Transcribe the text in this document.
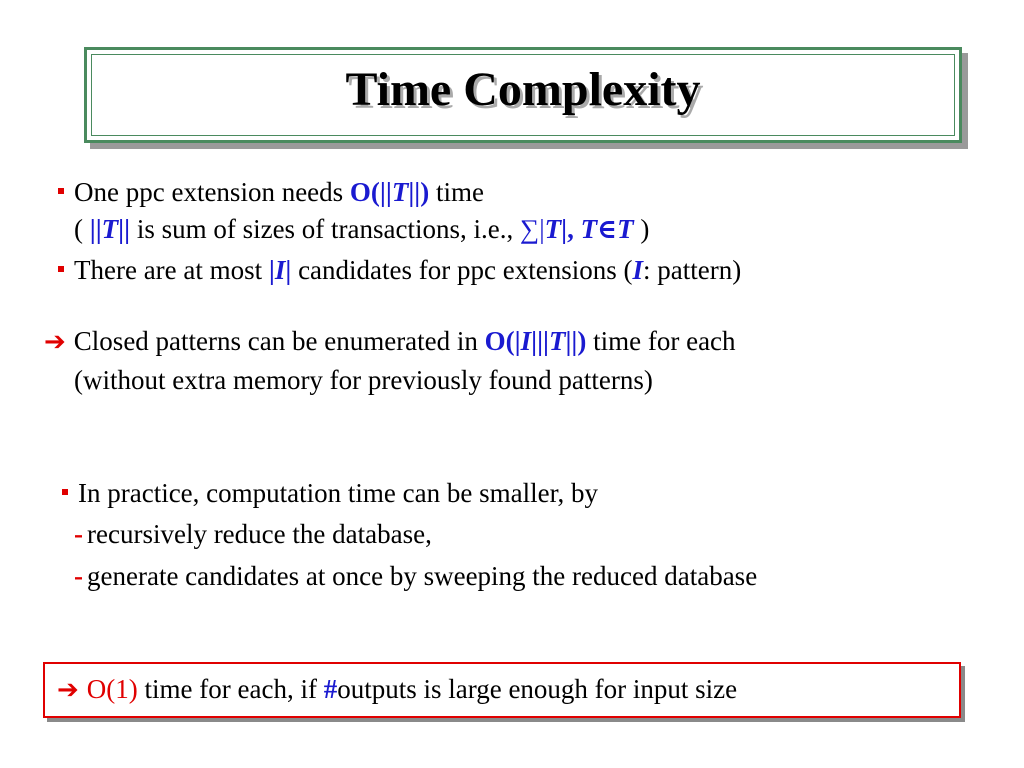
Time Complexity
One ppc extension needs O(||T||) time
( ||T|| is sum of sizes of transactions, i.e., ∑|T|, T∈T )
There are at most |I| candidates for ppc extensions (I: pattern)
➔ Closed patterns can be enumerated in O(|I|||T||) time for each
(without extra memory for previously found patterns)
In practice, computation time can be smaller, by
- recursively reduce the database,
- generate candidates at once by sweeping the reduced database
➔ O(1) time for each, if #outputs is large enough for input size
